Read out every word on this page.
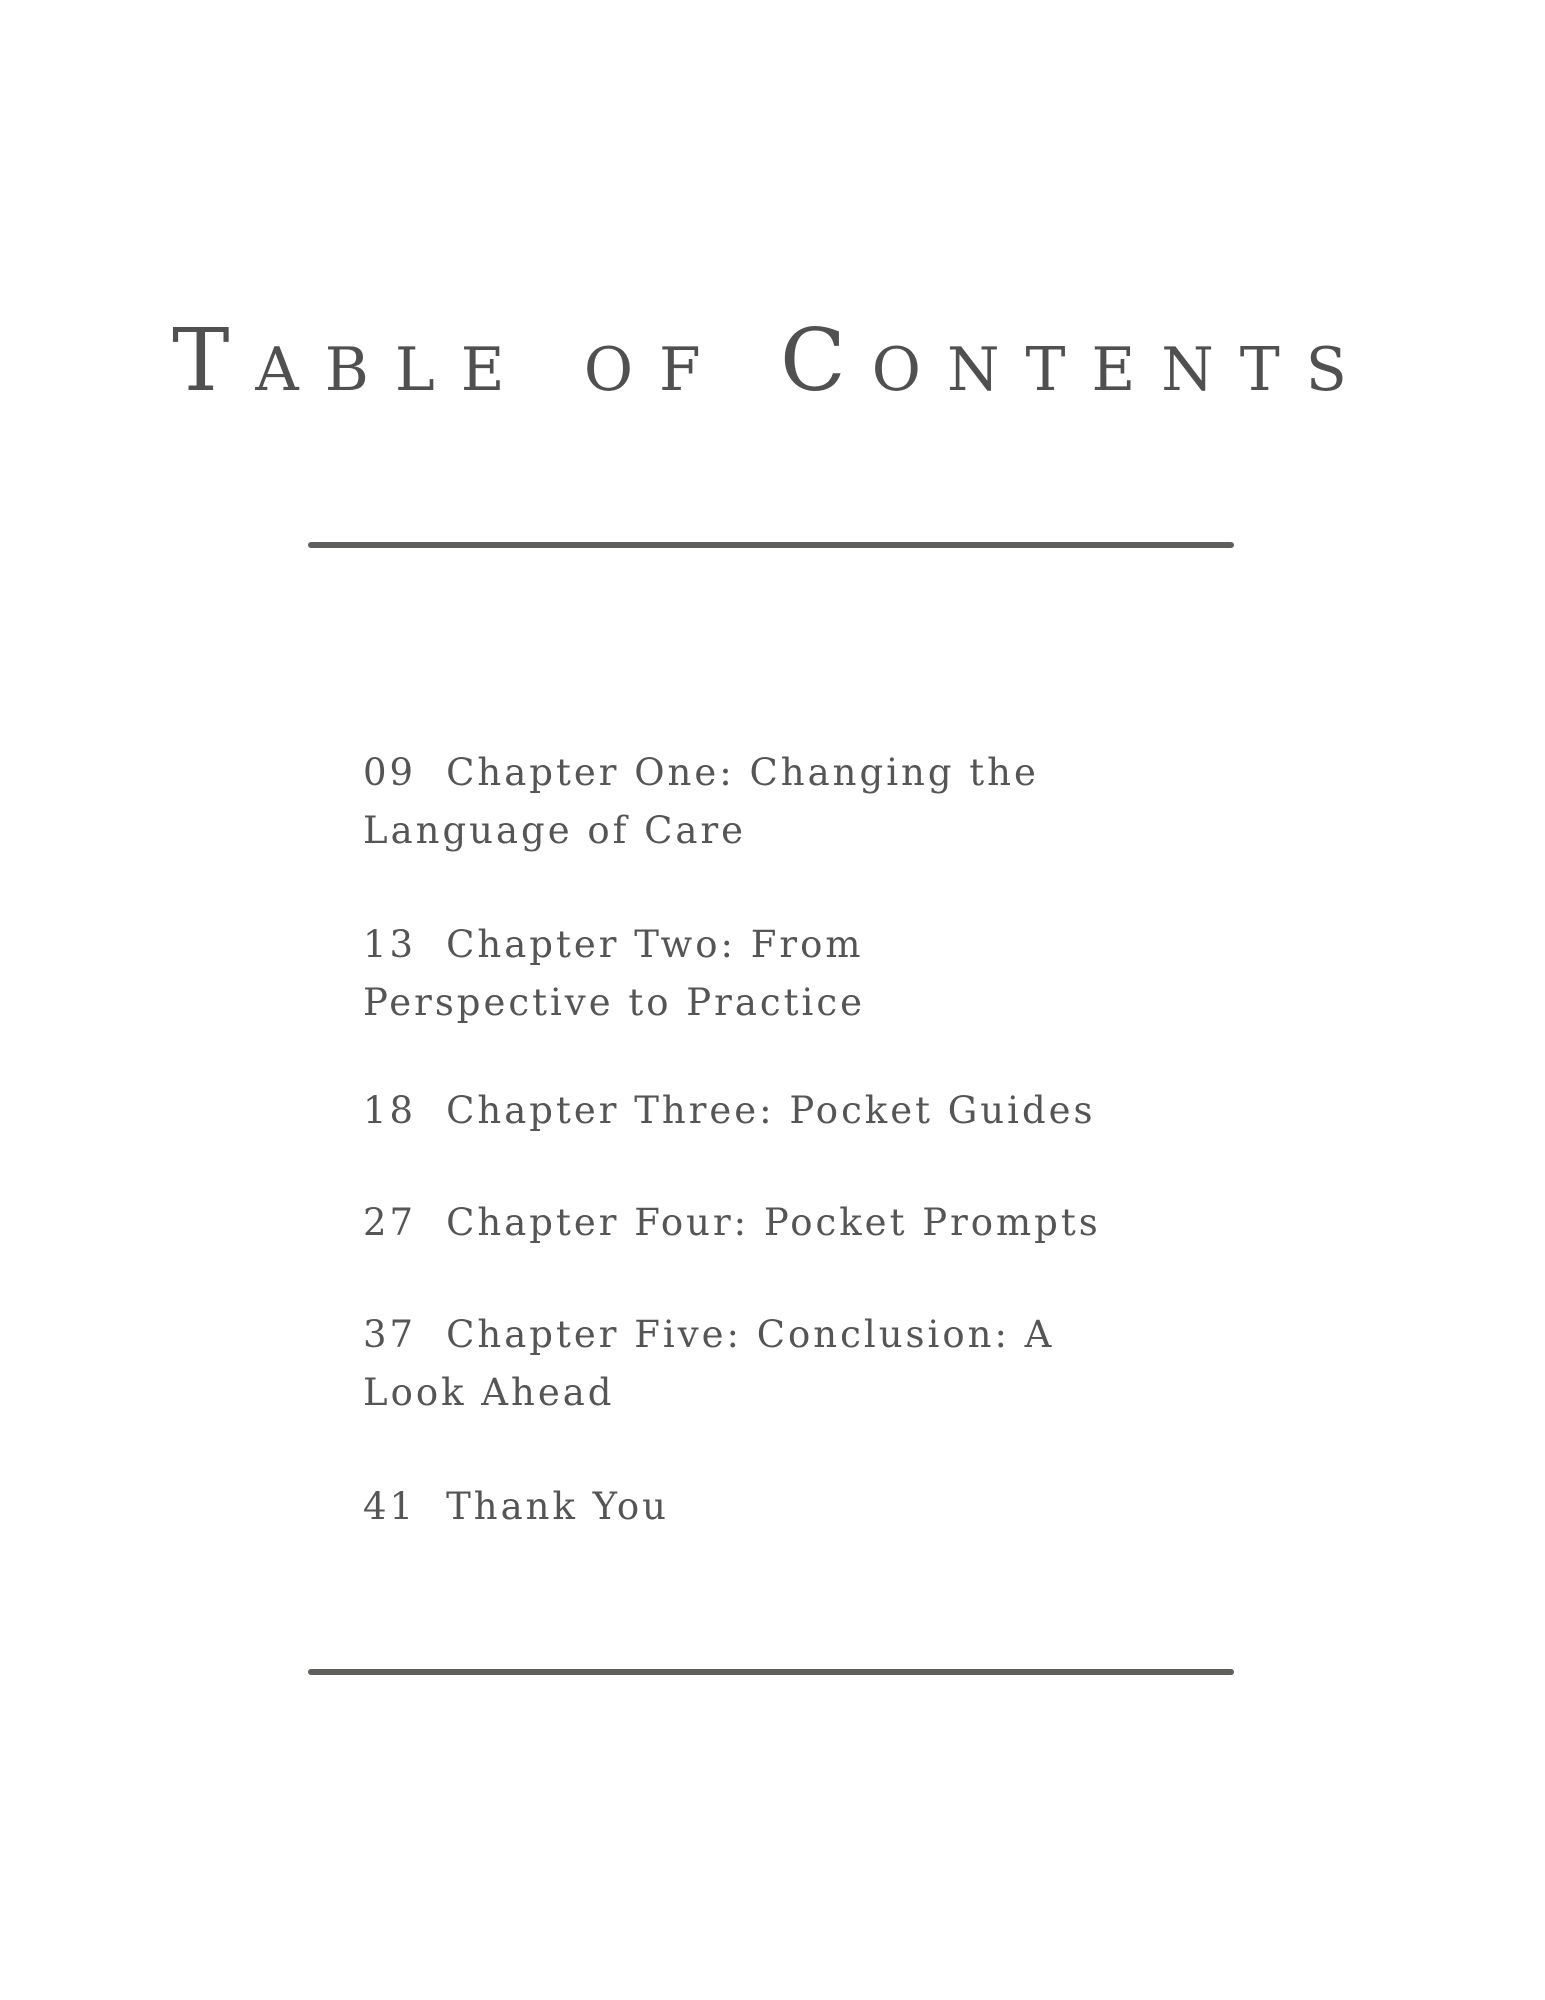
Table of Contents
09 Chapter One: Changing the Language of Care
13 Chapter Two: From Perspective to Practice
18 Chapter Three: Pocket Guides
27 Chapter Four: Pocket Prompts
37 Chapter Five: Conclusion: A Look Ahead
41 Thank You
